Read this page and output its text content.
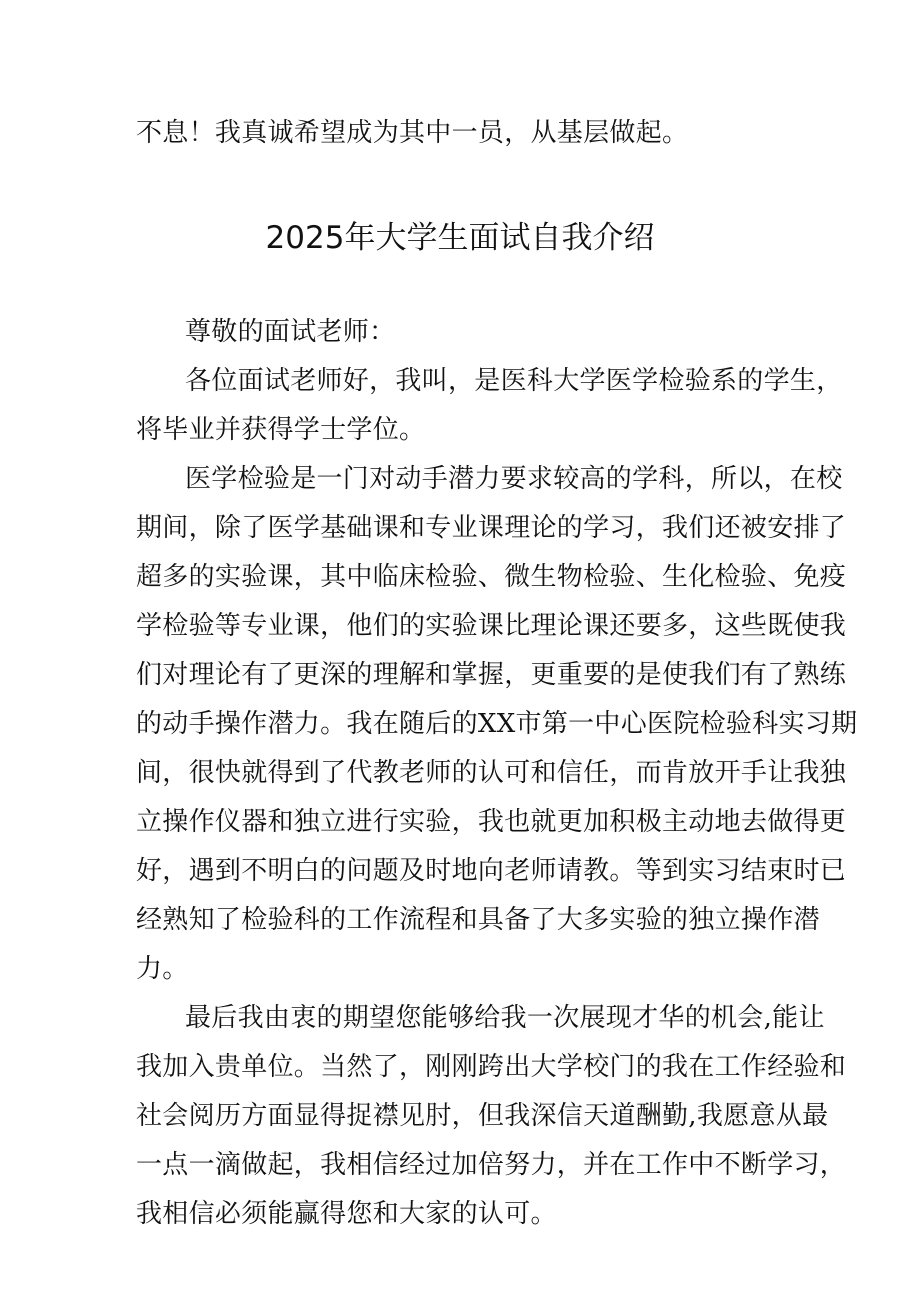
不息！我真诚希望成为其中一员，从基层做起。
2025年大学生面试自我介绍
尊敬的面试老师：
各位面试老师好，我叫，是医科大学医学检验系的学生，
将毕业并获得学士学位。
医学检验是一门对动手潜力要求较高的学科，所以，在校
期间，除了医学基础课和专业课理论的学习，我们还被安排了
超多的实验课，其中临床检验、微生物检验、生化检验、免疫
学检验等专业课，他们的实验课比理论课还要多，这些既使我
们对理论有了更深的理解和掌握，更重要的是使我们有了熟练
的动手操作潜力。我在随后的XX市第一中心医院检验科实习期
间，很快就得到了代教老师的认可和信任，而肯放开手让我独
立操作仪器和独立进行实验，我也就更加积极主动地去做得更
好，遇到不明白的问题及时地向老师请教。等到实习结束时已
经熟知了检验科的工作流程和具备了大多实验的独立操作潜
力。
最后我由衷的期望您能够给我一次展现才华的机会,能让
我加入贵单位。当然了，刚刚跨出大学校门的我在工作经验和
社会阅历方面显得捉襟见肘，但我深信天道酬勤,我愿意从最
一点一滴做起，我相信经过加倍努力，并在工作中不断学习，
我相信必须能赢得您和大家的认可。
